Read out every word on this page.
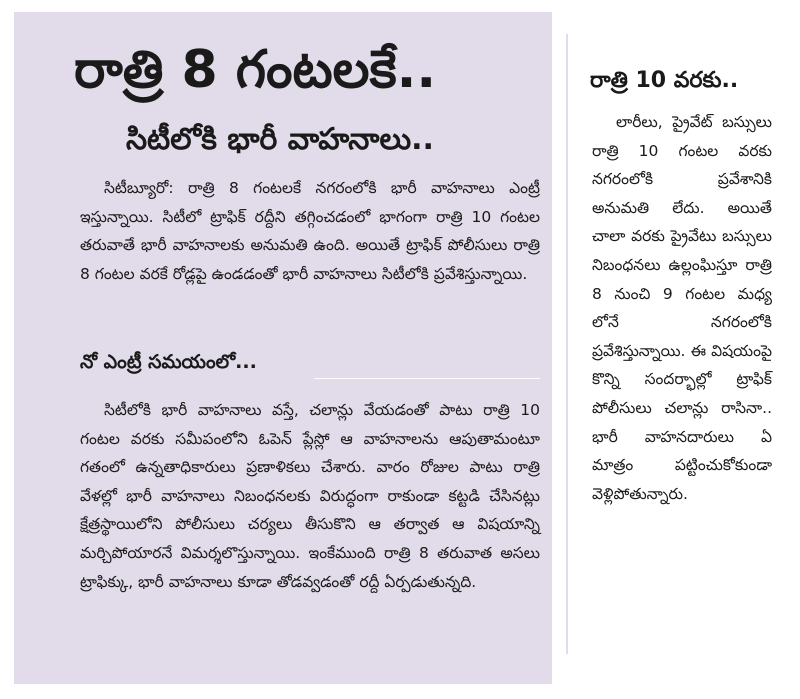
రాత్రి 8 గంటలకే..
సిటీలోకి భారీ వాహనాలు..

సిటీబ్యూరో: రాత్రి 8 గంటలకే నగరంలోకి భారీ వాహనాలు ఎంట్రీ ఇస్తున్నాయి. సిటీలో ట్రాఫిక్ రద్దీని తగ్గించడంలో భాగంగా రాత్రి 10 గంటల తరువాతే భారీ వాహనాలకు అనుమతి ఉంది. అయితే ట్రాఫిక్ పోలీసులు రాత్రి 8 గంటల వరకే రోడ్లపై ఉండడంతో భారీ వాహనాలు సిటీలోకి ప్రవేశిస్తున్నాయి.

నో ఎంట్రీ సమయంలో...

సిటీలోకి భారీ వాహనాలు వస్తే, చలాన్లు వేయడంతో పాటు రాత్రి 10 గంటల వరకు సమీపంలోని ఓపెన్ ప్లేస్లో ఆ వాహనాలను ఆపుతామంటూ గతంలో ఉన్నతాధికారులు ప్రణాళికలు చేశారు. వారం రోజుల పాటు రాత్రి వేళల్లో భారీ వాహనాలు నిబంధనలకు విరుద్ధంగా రాకుండా కట్టడి చేసినట్లు క్షేత్రస్థాయిలోని పోలీసులు చర్యలు తీసుకొని ఆ తర్వాత ఆ విషయాన్ని మర్చిపోయారనే విమర్శలొస్తున్నాయి. ఇంకేముంది రాత్రి 8 తరువాత అసలు ట్రాఫిక్కు, భారీ వాహనాలు కూడా తోడవ్వడంతో రద్దీ ఏర్పడుతున్నది.

రాత్రి 10 వరకు..

లారీలు, ప్రైవేట్ బస్సులు రాత్రి 10 గంటల వరకు నగరంలోకి ప్రవేశానికి అనుమతి లేదు. అయితే చాలా వరకు ప్రైవేటు బస్సులు నిబంధనలు ఉల్లంఘిస్తూ రాత్రి 8 నుంచి 9 గంటల మధ్య లోనే నగరంలోకి ప్రవేశిస్తున్నాయి. ఈ విషయంపై కొన్ని సందర్భాల్లో ట్రాఫిక్ పోలీసులు చలాన్లు రాసినా.. భారీ వాహనదారులు ఏ మాత్రం పట్టించుకోకుండా వెళ్లిపోతున్నారు.
